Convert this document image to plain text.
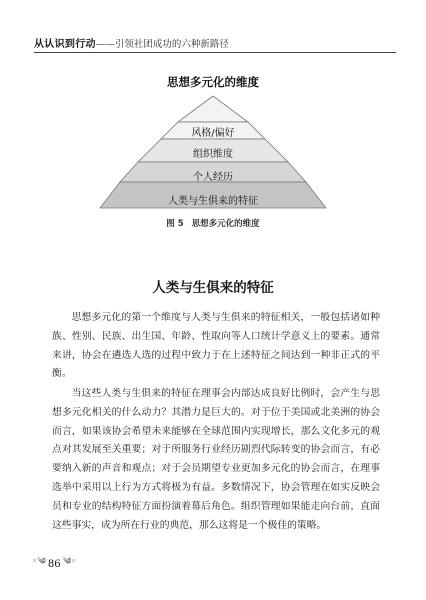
从认识到行动 ——引领社团成功的六种新路径
思想多元化的维度
风格/偏好
组织维度
个人经历
人类与生俱来的特征
图 5 思想多元化的维度
人类与生俱来的特征

思想多元化的第一个维度与人类与生俱来的特征相关，一般包括诸如种族、性别、民族、出生国、年龄、性取向等人口统计学意义上的要素。通常来讲，协会在遴选人选的过程中致力于在上述特征之间达到一种非正式的平衡。

当这些人类与生俱来的特征在理事会内部达成良好比例时，会产生与思想多元化相关的什么动力？其潜力是巨大的。对于位于美国或北美洲的协会而言，如果该协会希望未来能够在全球范围内实现增长，那么文化多元的观点对其发展至关重要；对于所服务行业经历剧烈代际转变的协会而言，有必要纳入新的声音和观点；对于会员期望专业更加多元化的协会而言，在理事选举中采用以上行为方式将极为有益。多数情况下，协会管理在如实反映会员和专业的结构特征方面扮演着幕后角色。组织管理如果能走向台前，直面这些事实，成为所在行业的典范，那么这将是一个极佳的策略。

◦༄ 86 ༄◦
